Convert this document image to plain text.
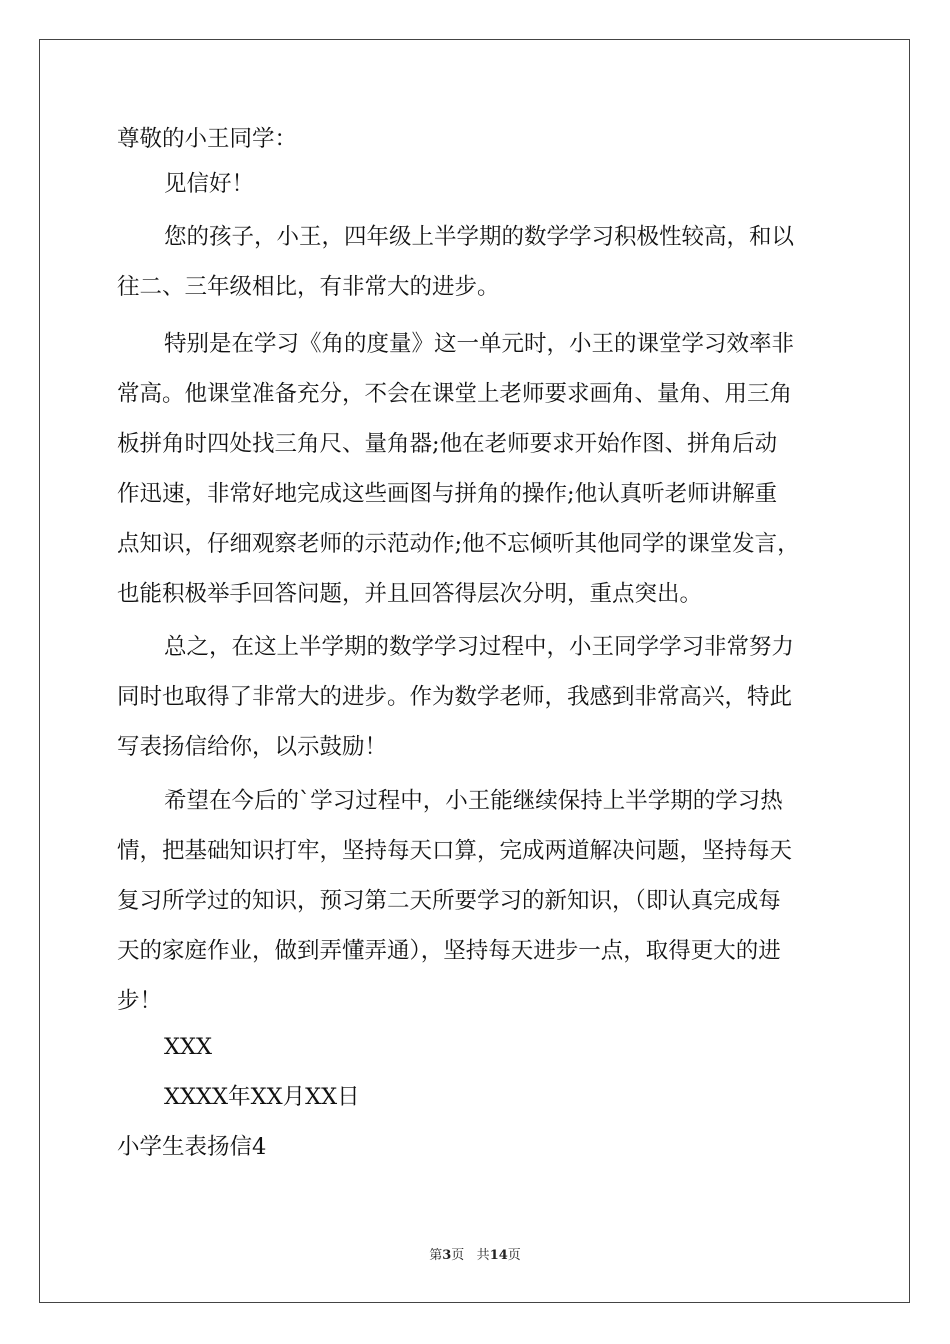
尊敬的小王同学：
见信好！
您的孩子，小王，四年级上半学期的数学学习积极性较高，和以
往二、三年级相比，有非常大的进步。
特别是在学习《角的度量》这一单元时，小王的课堂学习效率非
常高。他课堂准备充分，不会在课堂上老师要求画角、量角、用三角
板拼角时四处找三角尺、量角器;他在老师要求开始作图、拼角后动
作迅速，非常好地完成这些画图与拼角的操作;他认真听老师讲解重
点知识，仔细观察老师的示范动作;他不忘倾听其他同学的课堂发言，
也能积极举手回答问题，并且回答得层次分明，重点突出。
总之，在这上半学期的数学学习过程中，小王同学学习非常努力
同时也取得了非常大的进步。作为数学老师，我感到非常高兴，特此
写表扬信给你，以示鼓励！
希望在今后的`学习过程中，小王能继续保持上半学期的学习热
情，把基础知识打牢，坚持每天口算，完成两道解决问题，坚持每天
复习所学过的知识，预习第二天所要学习的新知识，（即认真完成每
天的家庭作业，做到弄懂弄通），坚持每天进步一点，取得更大的进
步！
XXX
XXXX年XX月XX日
小学生表扬信4
第3页 共14页
